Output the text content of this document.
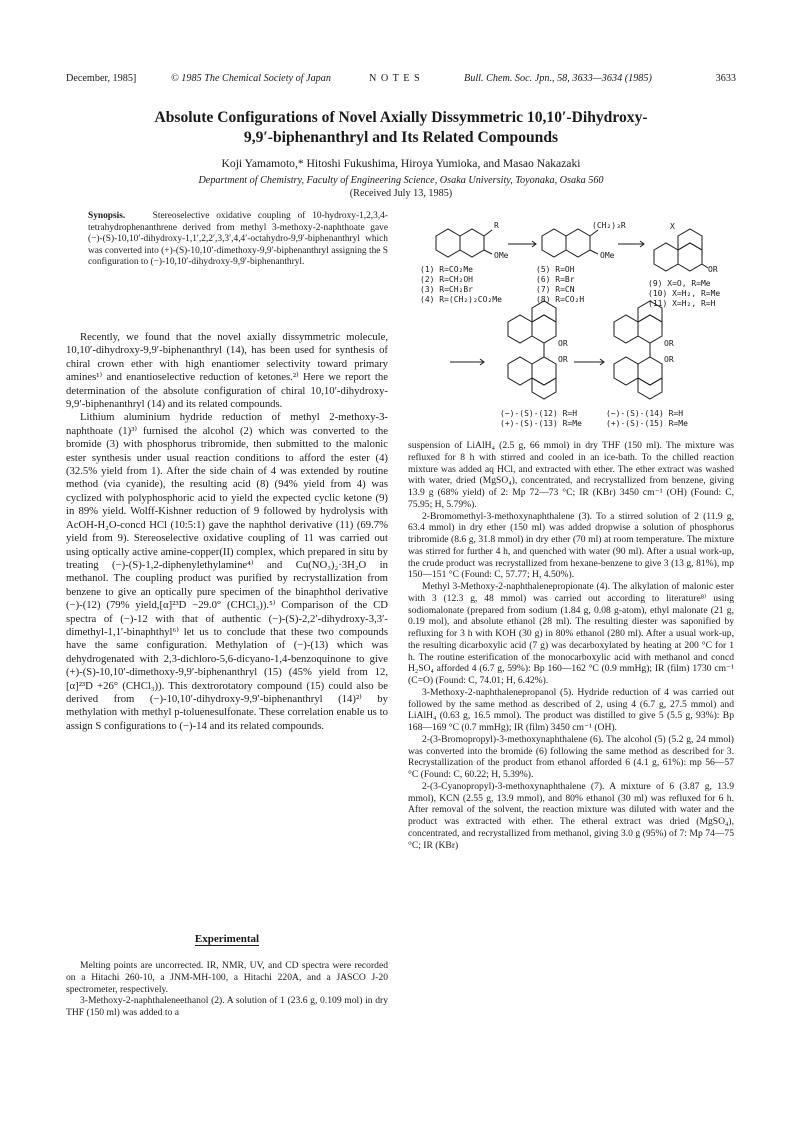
December, 1985]	© 1985 The Chemical Society of Japan	N O T E S	Bull. Chem. Soc. Jpn., 58, 3633—3634 (1985)	3633
Absolute Configurations of Novel Axially Dissymmetric 10,10′-Dihydroxy-
9,9′-biphenanthryl and Its Related Compounds
Koji Yamamoto,* Hitoshi Fukushima, Hiroya Yumioka, and Masao Nakazaki
Department of Chemistry, Faculty of Engineering Science, Osaka University, Toyonaka, Osaka 560
(Received July 13, 1985)
Synopsis.	Stereoselective oxidative coupling of 10-hydroxy-1,2,3,4-tetrahydrophenanthrene derived from methyl 3-methoxy-2-naphthoate gave (−)-(S)-10,10′-dihydroxy-1,1′,2,2′,3,3′,4,4′-octahydro-9,9′-biphenanthryl which was converted into (+)-(S)-10,10′-dimethoxy-9,9′-biphenanthryl assigning the S configuration to (−)-10,10′-dihydroxy-9,9′-biphenanthryl.

Recently, we found that the novel axially dissymmetric molecule, 10,10′-dihydroxy-9,9′-biphenanthryl (14), has been used for synthesis of chiral crown ether with high enantiomer selectivity toward primary amines¹⁾ and enantioselective reduction of ketones.²⁾ Here we report the determination of the absolute configuration of chiral 10,10′-dihydroxy-9,9′-biphenanthryl (14) and its related compounds.

Lithium aluminium hydride reduction of methyl 2-methoxy-3-naphthoate (1)³⁾ furnised the alcohol (2) which was converted to the bromide (3) with phosphorus tribromide, then submitted to the malonic ester synthesis under usual reaction conditions to afford the ester (4) (32.5% yield from 1). After the side chain of 4 was extended by routine method (via cyanide), the resulting acid (8) (94% yield from 4) was cyclized with polyphosphoric acid to yield the expected cyclic ketone (9) in 89% yield. Wolff-Kishner reduction of 9 followed by hydrolysis with AcOH-H₂O-concd HCl (10:5:1) gave the naphthol derivative (11) (69.7% yield from 9). Stereoselective oxidative coupling of 11 was carried out using optically active amine-copper(II) complex, which prepared in situ by treating (−)-(S)-1,2-diphenylethylamine⁴⁾ and Cu(NO₃)₂·3H₂O in methanol. The coupling product was purified by recrystallization from benzene to give an optically pure specimen of the binaphthol derivative (−)-(12) (79% yield,[α]²³D −29.0° (CHCl₃)).⁵⁾ Comparison of the CD spectra of (−)-12 with that of authentic (−)-(S)-2,2′-dihydroxy-3,3′-dimethyl-1,1′-binaphthyl⁶⁾ let us to conclude that these two compounds have the same configuration. Methylation of (−)-(13) which was dehydrogenated with 2,3-dichloro-5,6-dicyano-1,4-benzoquinone to give (+)-(S)-10,10′-dimethoxy-9,9′-biphenanthryl (15) (45% yield from 12, [α]²³D +26° (CHCl₃)). This dextrorotatory compound (15) could also be derived from (−)-10,10′-dihydroxy-9,9′-biphenanthryl (14)²⁾ by methylation with methyl p-toluenesulfonate. These correlation enable us to assign S configurations to (−)-14 and its related compounds.

Experimental

Melting points are uncorrected. IR, NMR, UV, and CD spectra were recorded on a Hitachi 260-10, a JNM-MH-100, a Hitachi 220A, and a JASCO J-20 spectrometer, respectively.

3-Methoxy-2-naphthaleneethanol (2). A solution of 1 (23.6 g, 0.109 mol) in dry THF (150 ml) was added to a

R
OMe
(CH₂)₃R
OMe
X
OR
OR
OR
OR
OR
(1) R=CO₂Me
(2) R=CH₂OH
(3) R=CH₂Br
(4) R=(CH₂)₂CO₂Me
(5) R=OH
(6) R=Br
(7) R=CN
(8) R=CO₂H
(9) X=O, R=Me
(10) X=H₂, R=Me
(11) X=H₂, R=H
(−)-(S)-(12) R=H
(+)-(S)-(13) R=Me
(−)-(S)-(14) R=H
(+)-(S)-(15) R=Me

suspension of LiAlH₄ (2.5 g, 66 mmol) in dry THF (150 ml). The mixture was refluxed for 8 h with stirred and cooled in an ice-bath. To the chilled reaction mixture was added aq HCl, and extracted with ether. The ether extract was washed with water, dried (MgSO₄), concentrated, and recrystallized from benzene, giving 13.9 g (68% yield) of 2: Mp 72—73 °C; IR (KBr) 3450 cm⁻¹ (OH) (Found: C, 75.95; H, 5.79%).

2-Bromomethyl-3-methoxynaphthalene (3). To a stirred solution of 2 (11.9 g, 63.4 mmol) in dry ether (150 ml) was added dropwise a solution of phosphorus tribromide (8.6 g, 31.8 mmol) in dry ether (70 ml) at room temperature. The mixture was stirred for further 4 h, and quenched with water (90 ml). After a usual work-up, the crude product was recrystallized from hexane-benzene to give 3 (13 g, 81%), mp 150—151 °C (Found: C, 57.77; H, 4.50%).

Methyl 3-Methoxy-2-naphthalenepropionate (4). The alkylation of malonic ester with 3 (12.3 g, 48 mmol) was carried out according to literature⁸⁾ using sodiomalonate (prepared from sodium (1.84 g, 0.08 g-atom), ethyl malonate (21 g, 0.19 mol), and absolute ethanol (28 ml). The resulting diester was saponified by refluxing for 3 h with KOH (30 g) in 80% ethanol (280 ml). After a usual work-up, the resulting dicarboxylic acid (7 g) was decarboxylated by heating at 200 °C for 1 h. The routine esterification of the monocarboxylic acid with methanol and concd H₂SO₄ afforded 4 (6.7 g, 59%): Bp 160—162 °C (0.9 mmHg); IR (film) 1730 cm⁻¹ (C=O) (Found: C, 74.01; H, 6.42%).

3-Methoxy-2-naphthalenepropanol (5). Hydride reduction of 4 was carried out followed by the same method as described of 2, using 4 (6.7 g, 27.5 mmol) and LiAlH₄ (0.63 g, 16.5 mmol). The product was distilled to give 5 (5.5 g, 93%): Bp 168—169 °C (0.7 mmHg); IR (film) 3450 cm⁻¹ (OH).

2-(3-Bromopropyl)-3-methoxynaphthalene (6). The alcohol (5) (5.2 g, 24 mmol) was converted into the bromide (6) following the same method as described for 3. Recrystallization of the product from ethanol afforded 6 (4.1 g, 61%): mp 56—57 °C (Found: C, 60.22; H, 5.39%).

2-(3-Cyanopropyl)-3-methoxynaphthalene (7). A mixture of 6 (3.87 g, 13.9 mmol), KCN (2.55 g, 13.9 mmol), and 80% ethanol (30 ml) was refluxed for 6 h. After removal of the solvent, the reaction mixture was diluted with water and the product was extracted with ether. The etheral extract was dried (MgSO₄), concentrated, and recrystallized from methanol, giving 3.0 g (95%) of 7: Mp 74—75 °C; IR (KBr)
